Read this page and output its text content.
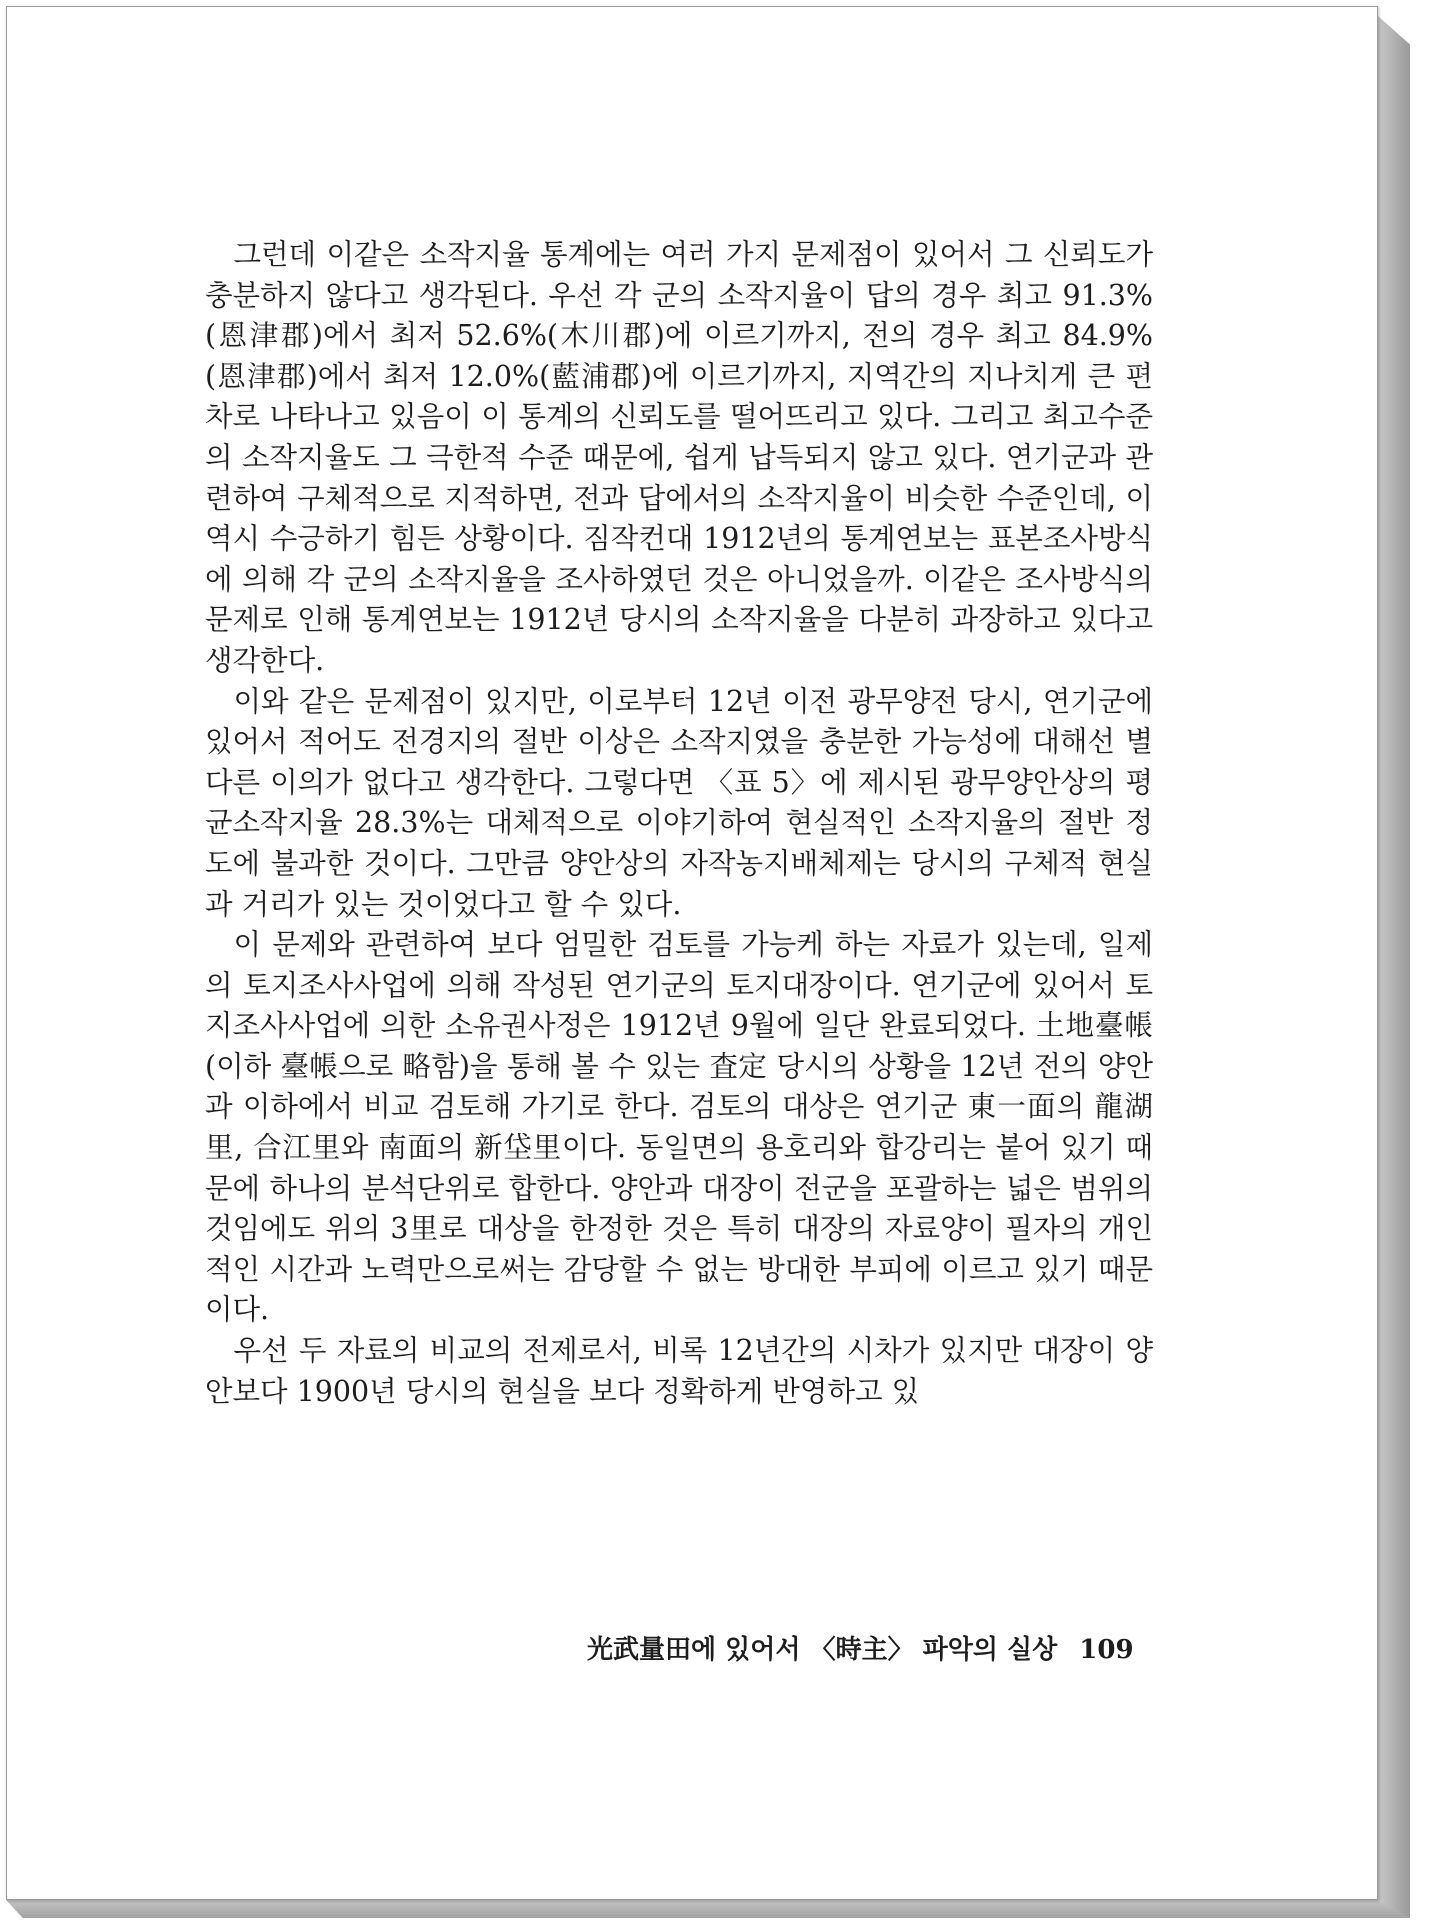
그런데 이같은 소작지율 통계에는 여러 가지 문제점이 있어서 그 신뢰도가 충분하지 않다고 생각된다. 우선 각 군의 소작지율이 답의 경우 최고 91.3%(恩津郡)에서 최저 52.6%(木川郡)에 이르기까지, 전의 경우 최고 84.9%(恩津郡)에서 최저 12.0%(藍浦郡)에 이르기까지, 지역간의 지나치게 큰 편차로 나타나고 있음이 이 통계의 신뢰도를 떨어뜨리고 있다. 그리고 최고수준의 소작지율도 그 극한적 수준 때문에, 쉽게 납득되지 않고 있다. 연기군과 관련하여 구체적으로 지적하면, 전과 답에서의 소작지율이 비슷한 수준인데, 이 역시 수긍하기 힘든 상황이다. 짐작컨대 1912년의 통계연보는 표본조사방식에 의해 각 군의 소작지율을 조사하였던 것은 아니었을까. 이같은 조사방식의 문제로 인해 통계연보는 1912년 당시의 소작지율을 다분히 과장하고 있다고 생각한다.

이와 같은 문제점이 있지만, 이로부터 12년 이전 광무양전 당시, 연기군에 있어서 적어도 전경지의 절반 이상은 소작지였을 충분한 가능성에 대해선 별다른 이의가 없다고 생각한다. 그렇다면 〈표 5〉에 제시된 광무양안상의 평균소작지율 28.3%는 대체적으로 이야기하여 현실적인 소작지율의 절반 정도에 불과한 것이다. 그만큼 양안상의 자작농지배체제는 당시의 구체적 현실과 거리가 있는 것이었다고 할 수 있다.

이 문제와 관련하여 보다 엄밀한 검토를 가능케 하는 자료가 있는데, 일제의 토지조사사업에 의해 작성된 연기군의 토지대장이다. 연기군에 있어서 토지조사사업에 의한 소유권사정은 1912년 9월에 일단 완료되었다. 土地臺帳(이하 臺帳으로 略함)을 통해 볼 수 있는 査定 당시의 상황을 12년 전의 양안과 이하에서 비교 검토해 가기로 한다. 검토의 대상은 연기군 東一面의 龍湖里, 合江里와 南面의 新垈里이다. 동일면의 용호리와 합강리는 붙어 있기 때문에 하나의 분석단위로 합한다. 양안과 대장이 전군을 포괄하는 넓은 범위의 것임에도 위의 3里로 대상을 한정한 것은 특히 대장의 자료양이 필자의 개인적인 시간과 노력만으로써는 감당할 수 없는 방대한 부피에 이르고 있기 때문이다.

우선 두 자료의 비교의 전제로서, 비록 12년간의 시차가 있지만 대장이 양안보다 1900년 당시의 현실을 보다 정확하게 반영하고 있

光武量田에 있어서 〈時主〉 파악의 실상 109
